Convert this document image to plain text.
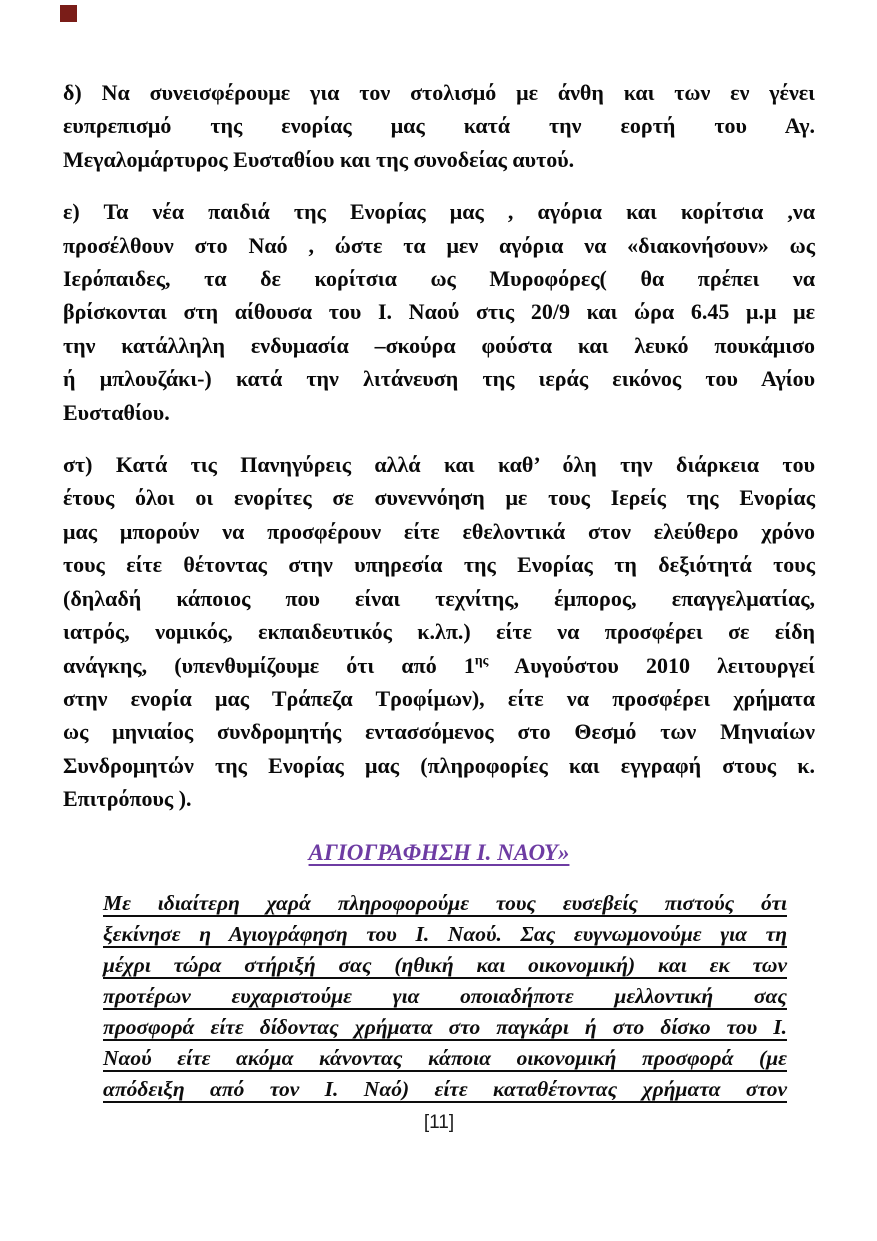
δ) Να συνεισφέρουμε για τον στολισμό με άνθη και των εν γένει
ευπρεπισμό της ενορίας μας κατά την εορτή του Αγ.
Μεγαλομάρτυρος Ευσταθίου και της συνοδείας αυτού.
ε) Τα νέα παιδιά της Ενορίας μας , αγόρια και κορίτσια ,να
προσέλθουν στο Ναό , ώστε τα μεν αγόρια να «διακονήσουν» ως
Ιερόπαιδες, τα δε κορίτσια ως Μυροφόρες( θα πρέπει να
βρίσκονται στη αίθουσα του Ι. Ναού στις 20/9 και ώρα 6.45 μ.μ με
την κατάλληλη ενδυμασία –σκούρα φούστα και λευκό πουκάμισο
ή μπλουζάκι-) κατά την λιτάνευση της ιεράς εικόνος του Αγίου
Ευσταθίου.
στ) Κατά τις Πανηγύρεις αλλά και καθ’ όλη την διάρκεια του
έτους όλοι οι ενορίτες σε συνεννόηση με τους Ιερείς της Ενορίας
μας μπορούν να προσφέρουν είτε εθελοντικά στον ελεύθερο χρόνο
τους είτε θέτοντας στην υπηρεσία της Ενορίας τη δεξιότητά τους
(δηλαδή κάποιος που είναι τεχνίτης, έμπορος, επαγγελματίας,
ιατρός, νομικός, εκπαιδευτικός κ.λπ.) είτε να προσφέρει σε είδη
ανάγκης, (υπενθυμίζουμε ότι από $1^{\eta\varsigma}$ Αυγούστου 2010 λειτουργεί
στην ενορία μας Τράπεζα Τροφίμων), είτε να προσφέρει χρήματα
ως μηνιαίος συνδρομητής εντασσόμενος στο Θεσμό των Μηνιαίων
Συνδρομητών της Ενορίας μας (πληροφορίες και εγγραφή στους κ.
Επιτρόπους ).
ΑΓΙΟΓΡΑΦΗΣΗ Ι. ΝΑΟΥ»
Με ιδιαίτερη χαρά πληροφορούμε τους ευσεβείς πιστούς ότι
ξεκίνησε η Αγιογράφηση του Ι. Ναού. Σας ευγνωμονούμε για τη
μέχρι τώρα στήριξή σας (ηθική και οικονομική) και εκ των
προτέρων ευχαριστούμε για οποιαδήποτε μελλοντική σας
προσφορά είτε δίδοντας χρήματα στο παγκάρι ή στο δίσκο του Ι.
Ναού είτε ακόμα κάνοντας κάποια οικονομική προσφορά (με
απόδειξη από τον Ι. Ναό) είτε καταθέτοντας χρήματα στον
[11]
